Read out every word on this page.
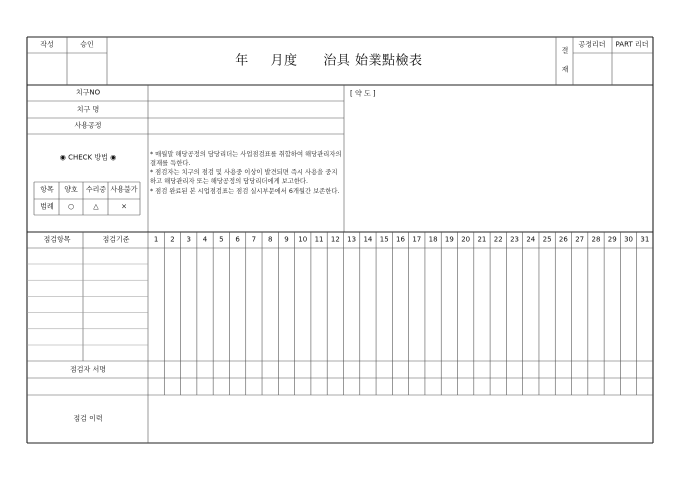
작성	승인
年 月度 治具 始業點檢表
결
재
공정리더 PART 리더
치구NO
치구 명
사용공정
[ 약 도 ]
◉ CHECK 방법 ◉
항목 양호 수리중 사용불가
범례 ○	△	×
* 매월말 해당공정의 담당리더는 사업점검표를 취합하여 해당관리자의 결재를 득한다.
* 점검자는 치구의 점검 및 사용중 이상이 발견되면 즉시 사용을 중지하고 해당관리자 또는 해당공정의 담당리더에게 보고한다.
* 점검 완료된 본 시업점검표는 점검 실시부문에서 6개월간 보존한다.
점검항목	점검기준	1 2 3 4 5 6 7 8 9 10 11 12 13 14 15 16 17 18 19 20 21 22 23 24 25 26 27 28 29 30 31
점검자 서명
점검 이력
